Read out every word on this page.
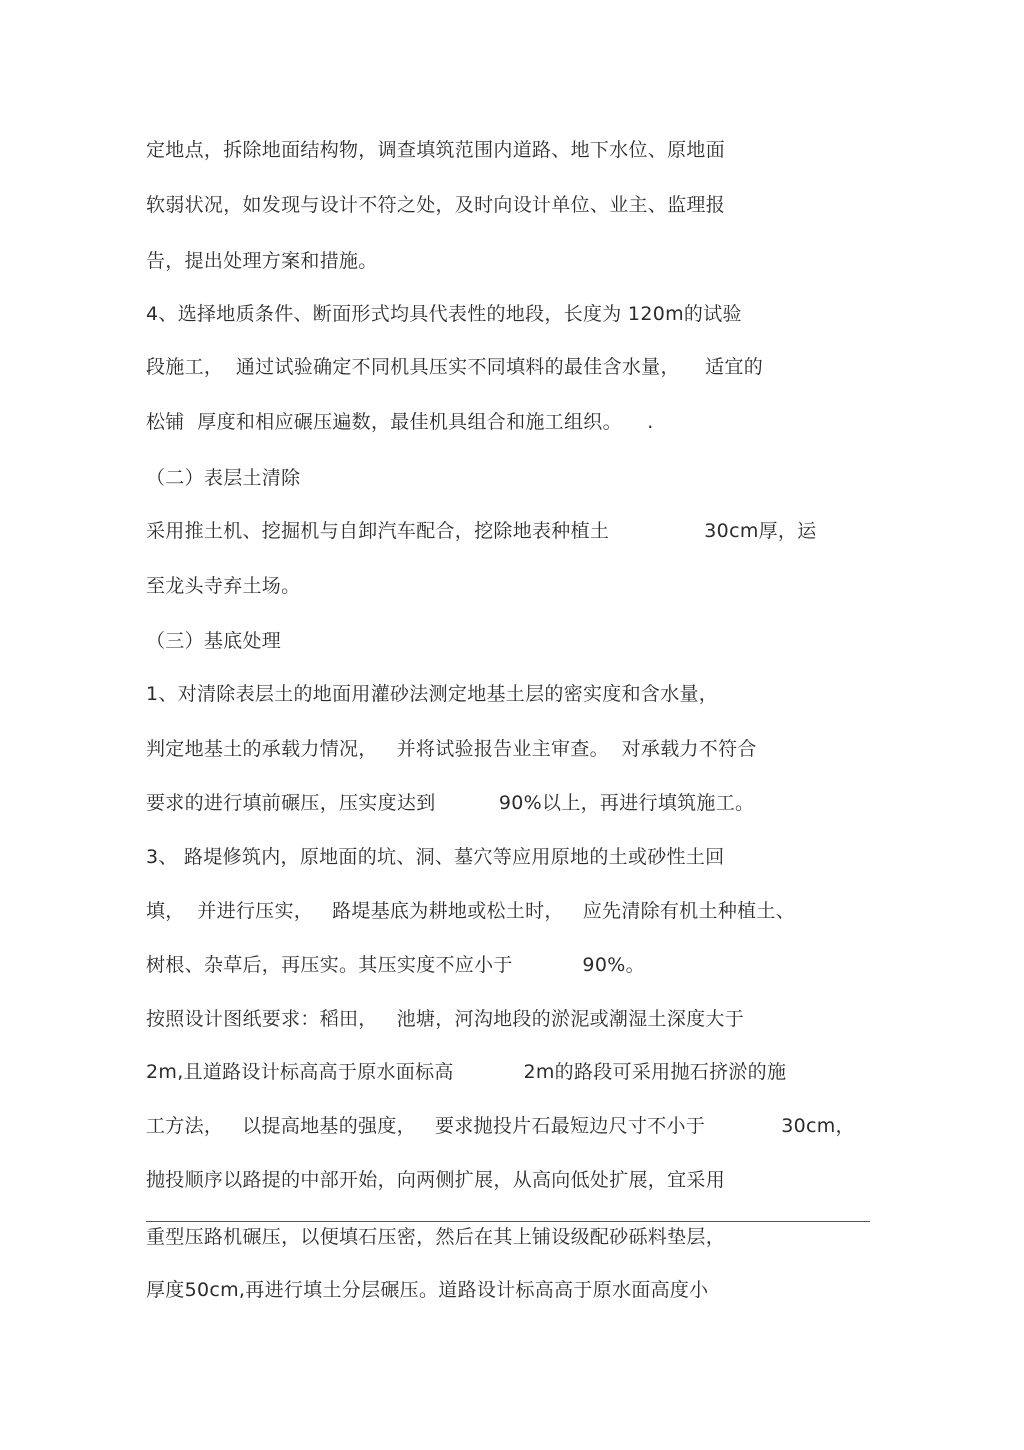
定地点，拆除地面结构物，调查填筑范围内道路、地下水位、原地面
软弱状况，如发现与设计不符之处，及时向设计单位、业主、监理报
告，提出处理方案和措施。
4、选择地质条件、断面形式均具代表性的地段，长度为 120m的试验
段施工，  通过试验确定不同机具压实不同填料的最佳含水量，    适宜的
松铺  厚度和相应碾压遍数，最佳机具组合和施工组织。    .
（二）表层土清除
采用推土机、挖掘机与自卸汽车配合，挖除地表种植土               30cm厚，运
至龙头寺弃土场。
（三）基底处理
1、对清除表层土的地面用灌砂法测定地基土层的密实度和含水量，
判定地基土的承载力情况，   并将试验报告业主审查。  对承载力不符合
要求的进行填前碾压，压实度达到          90%以上，再进行填筑施工。
3、 路堤修筑内，原地面的坑、洞、墓穴等应用原地的土或砂性土回
填，  并进行压实，   路堤基底为耕地或松土时，   应先清除有机土种植土、
树根、杂草后，再压实。其压实度不应小于           90%。
按照设计图纸要求：稻田，   池塘，河沟地段的淤泥或潮湿土深度大于
2m,且道路设计标高高于原水面标高           2m的路段可采用抛石挤淤的施
工方法，   以提高地基的强度，   要求抛投片石最短边尺寸不小于            30cm，
抛投顺序以路提的中部开始，向两侧扩展，从高向低处扩展，宜采用
重型压路机碾压，以便填石压密，然后在其上铺设级配砂砾料垫层，
厚度50cm,再进行填土分层碾压。道路设计标高高于原水面高度小
